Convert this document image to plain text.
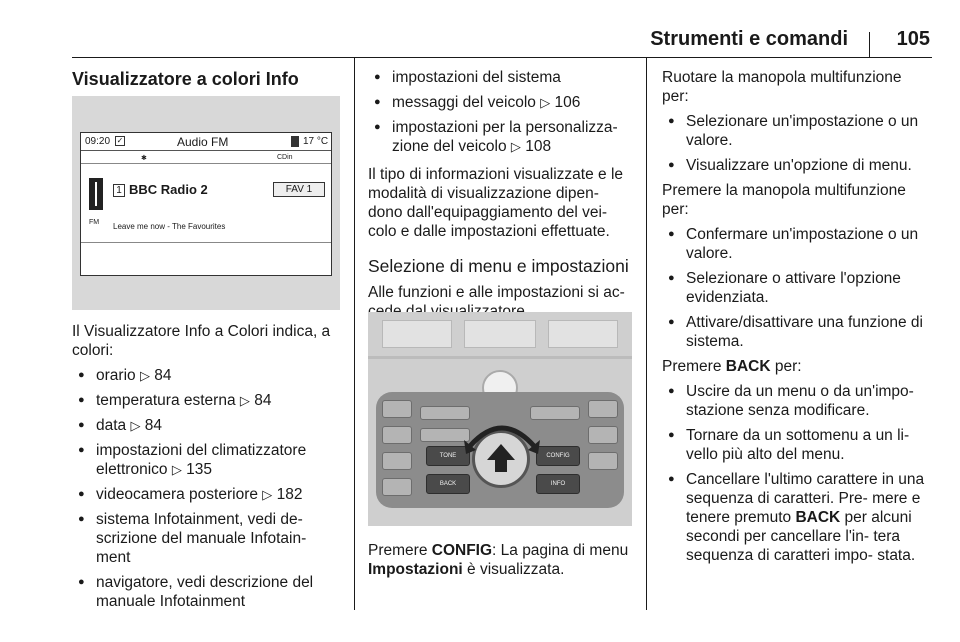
Strumenti e comandi 105
Visualizzatore a colori Info
09:20 ✓	Audio FM	17 °C
✱	CDin
FM
1 BBC Radio 2	FAV 1
Leave me now - The Favourites

Il Visualizzatore Info a Colori indica, a colori:

● orario ▷ 84
● temperatura esterna ▷ 84
● data ▷ 84
● impostazioni del climatizzatore elettronico ▷ 135
● videocamera posteriore ▷ 182
● sistema Infotainment, vedi de- scrizione del manuale Infotain- ment
● navigatore, vedi descrizione del manuale Infotainment
● impostazioni del sistema
● messaggi del veicolo ▷ 106
● impostazioni per la personalizza- zione del veicolo ▷ 108

Il tipo di informazioni visualizzate e le modalità di visualizzazione dipen- dono dall'equipaggiamento del vei- colo e dalle impostazioni effettuate.

Selezione di menu e impostazioni

Alle funzioni e alle impostazioni si ac-

TONE	CONFIG
BACK	INFO

Premere CONFIG: La pagina di menu Impostazioni è visualizzata.

Ruotare la manopola multifunzione per:

● Selezionare un'impostazione o un valore.
● Visualizzare un'opzione di menu.

Premere la manopola multifunzione per:

● Confermare un'impostazione o un valore.
● Selezionare o attivare l'opzione evidenziata.
● Attivare/disattivare una funzione di sistema.

Premere BACK per:

● Uscire da un menu o da un'impo- stazione senza modificare.
● Tornare da un sottomenu a un li- vello più alto del menu.
● Cancellare l'ultimo carattere in una sequenza di caratteri. Pre- mere e tenere premuto BACK per alcuni secondi per cancellare l'in- tera sequenza di caratteri impo- stata.
